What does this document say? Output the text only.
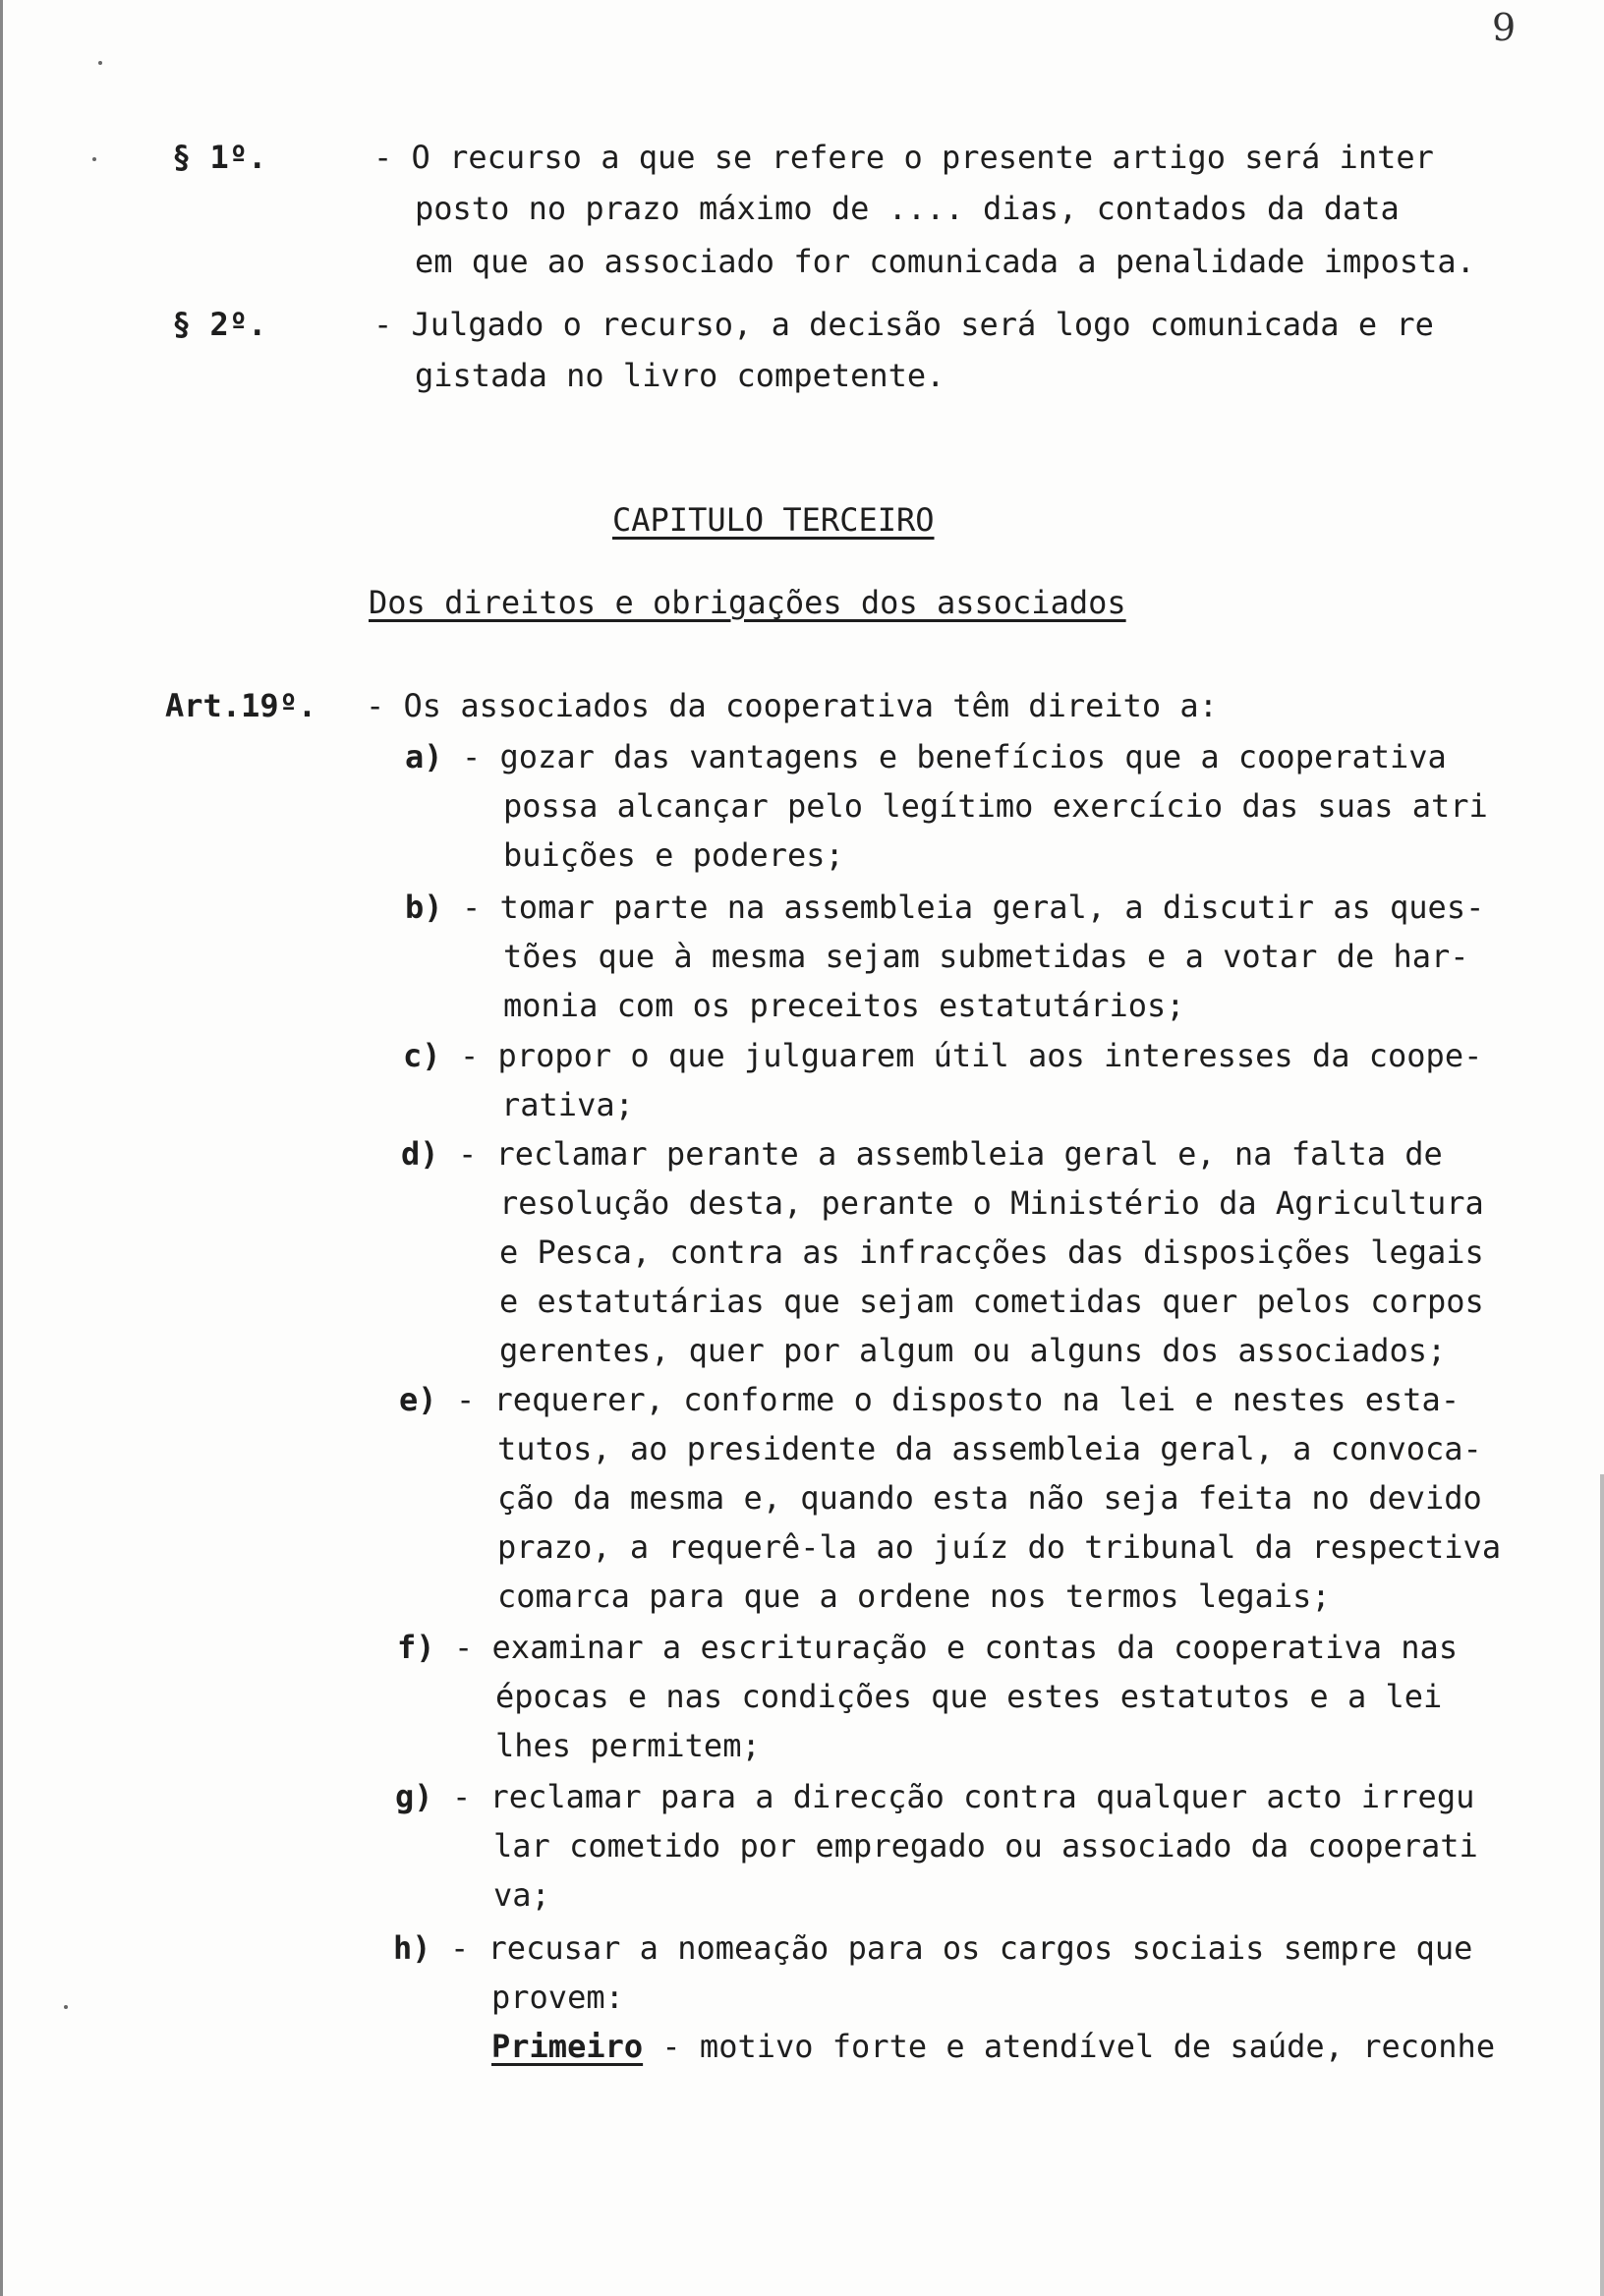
9
§ 1º.	- O recurso a que se refere o presente artigo será inter
posto no prazo máximo de .... dias, contados da data
em que ao associado for comunicada a penalidade imposta.
§ 2º.	- Julgado o recurso, a decisão será logo comunicada e re
gistada no livro competente.
CAPITULO TERCEIRO
Dos direitos e obrigações dos associados
Art.19º. - Os associados da cooperativa têm direito a:
a) - gozar das vantagens e benefícios que a cooperativa
possa alcançar pelo legítimo exercício das suas atri
buições e poderes;
b) - tomar parte na assembleia geral, a discutir as ques-
tões que à mesma sejam submetidas e a votar de har-
monia com os preceitos estatutários;
c) - propor o que julguarem útil aos interesses da coope-
rativa;
d) - reclamar perante a assembleia geral e, na falta de
resolução desta, perante o Ministério da Agricultura
e Pesca, contra as infracções das disposições legais
e estatutárias que sejam cometidas quer pelos corpos
gerentes, quer por algum ou alguns dos associados;
e) - requerer, conforme o disposto na lei e nestes esta-
tutos, ao presidente da assembleia geral, a convoca-
ção da mesma e, quando esta não seja feita no devido
prazo, a requerê-la ao juíz do tribunal da respectiva
comarca para que a ordene nos termos legais;
f) - examinar a escrituração e contas da cooperativa nas
épocas e nas condições que estes estatutos e a lei
lhes permitem;
g) - reclamar para a direcção contra qualquer acto irregu
lar cometido por empregado ou associado da cooperati
va;
h) - recusar a nomeação para os cargos sociais sempre que
provem:
Primeiro - motivo forte e atendível de saúde, reconhe
